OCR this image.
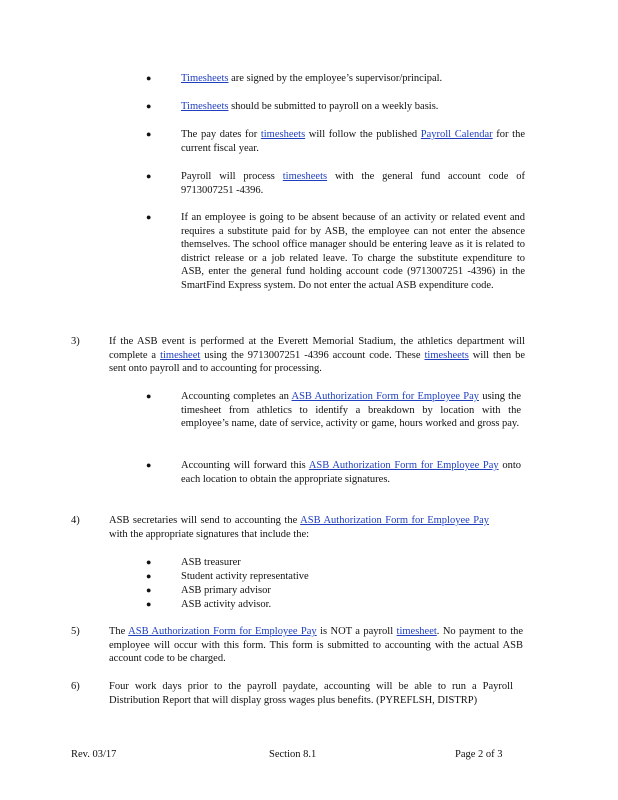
●	Timesheets are signed by the employee’s supervisor/principal.
●	Timesheets should be submitted to payroll on a weekly basis.
●	The pay dates for timesheets will follow the published Payroll Calendar for the current fiscal year.
●	Payroll will process timesheets with the general fund account code of 9713007251 -4396.
●	If an employee is going to be absent because of an activity or related event and requires a substitute paid for by ASB, the employee can not enter the absence themselves. The school office manager should be entering leave as it is related to district release or a job related leave. To charge the substitute expenditure to ASB, enter the general fund holding account code (9713007251 -4396) in the SmartFind Express system. Do not enter the actual ASB expenditure code.
3)	If the ASB event is performed at the Everett Memorial Stadium, the athletics department will complete a timesheet using the 9713007251 -4396 account code. These timesheets will then be sent onto payroll and to accounting for processing.
●	Accounting completes an ASB Authorization Form for Employee Pay using the timesheet from athletics to identify a breakdown by location with the employee’s name, date of service, activity or game, hours worked and gross pay.
●	Accounting will forward this ASB Authorization Form for Employee Pay onto each location to obtain the appropriate signatures.
4)	ASB secretaries will send to accounting the ASB Authorization Form for Employee Pay with the appropriate signatures that include the:
●	ASB treasurer
●	Student activity representative
●	ASB primary advisor
●	ASB activity advisor.
5)	The ASB Authorization Form for Employee Pay is NOT a payroll timesheet. No payment to the employee will occur with this form. This form is submitted to accounting with the actual ASB account code to be charged.
6)	Four work days prior to the payroll paydate, accounting will be able to run a Payroll Distribution Report that will display gross wages plus benefits. (PYREFLSH, DISTRP)
Rev. 03/17	Section 8.1	Page 2 of 3
